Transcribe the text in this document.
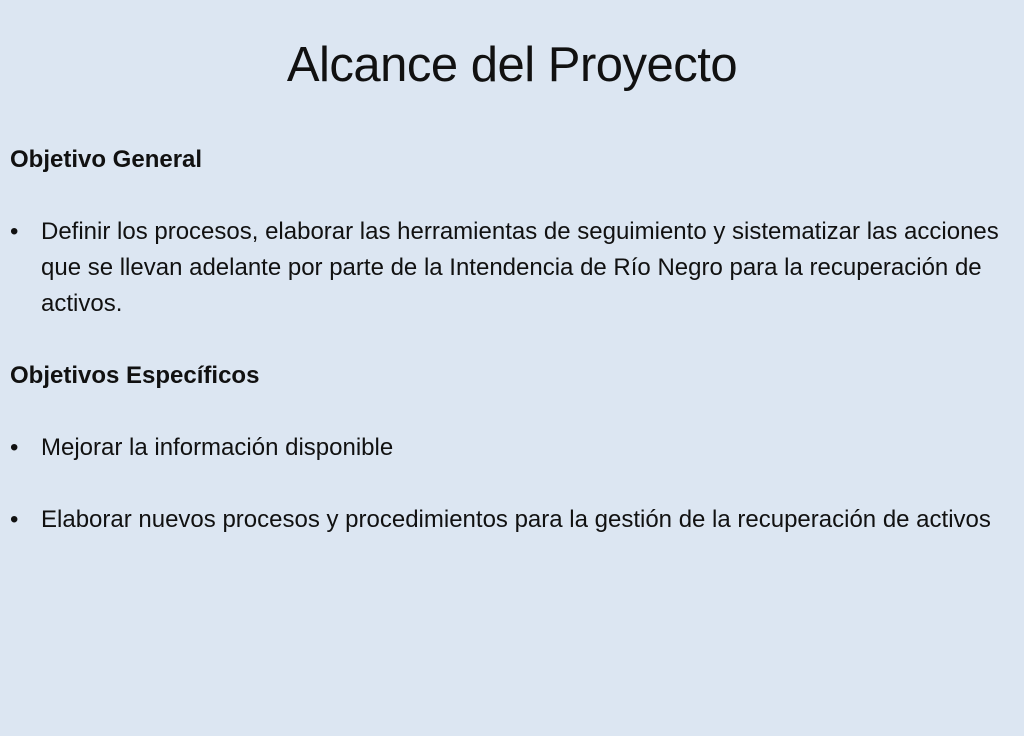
Alcance del Proyecto

Objetivo General

• Definir los procesos, elaborar las herramientas de seguimiento y sistematizar las acciones que se llevan adelante por parte de la Intendencia de Río Negro para la recuperación de activos.

Objetivos Específicos

• Mejorar la información disponible
• Elaborar nuevos procesos y procedimientos para la gestión de la recuperación de activos
